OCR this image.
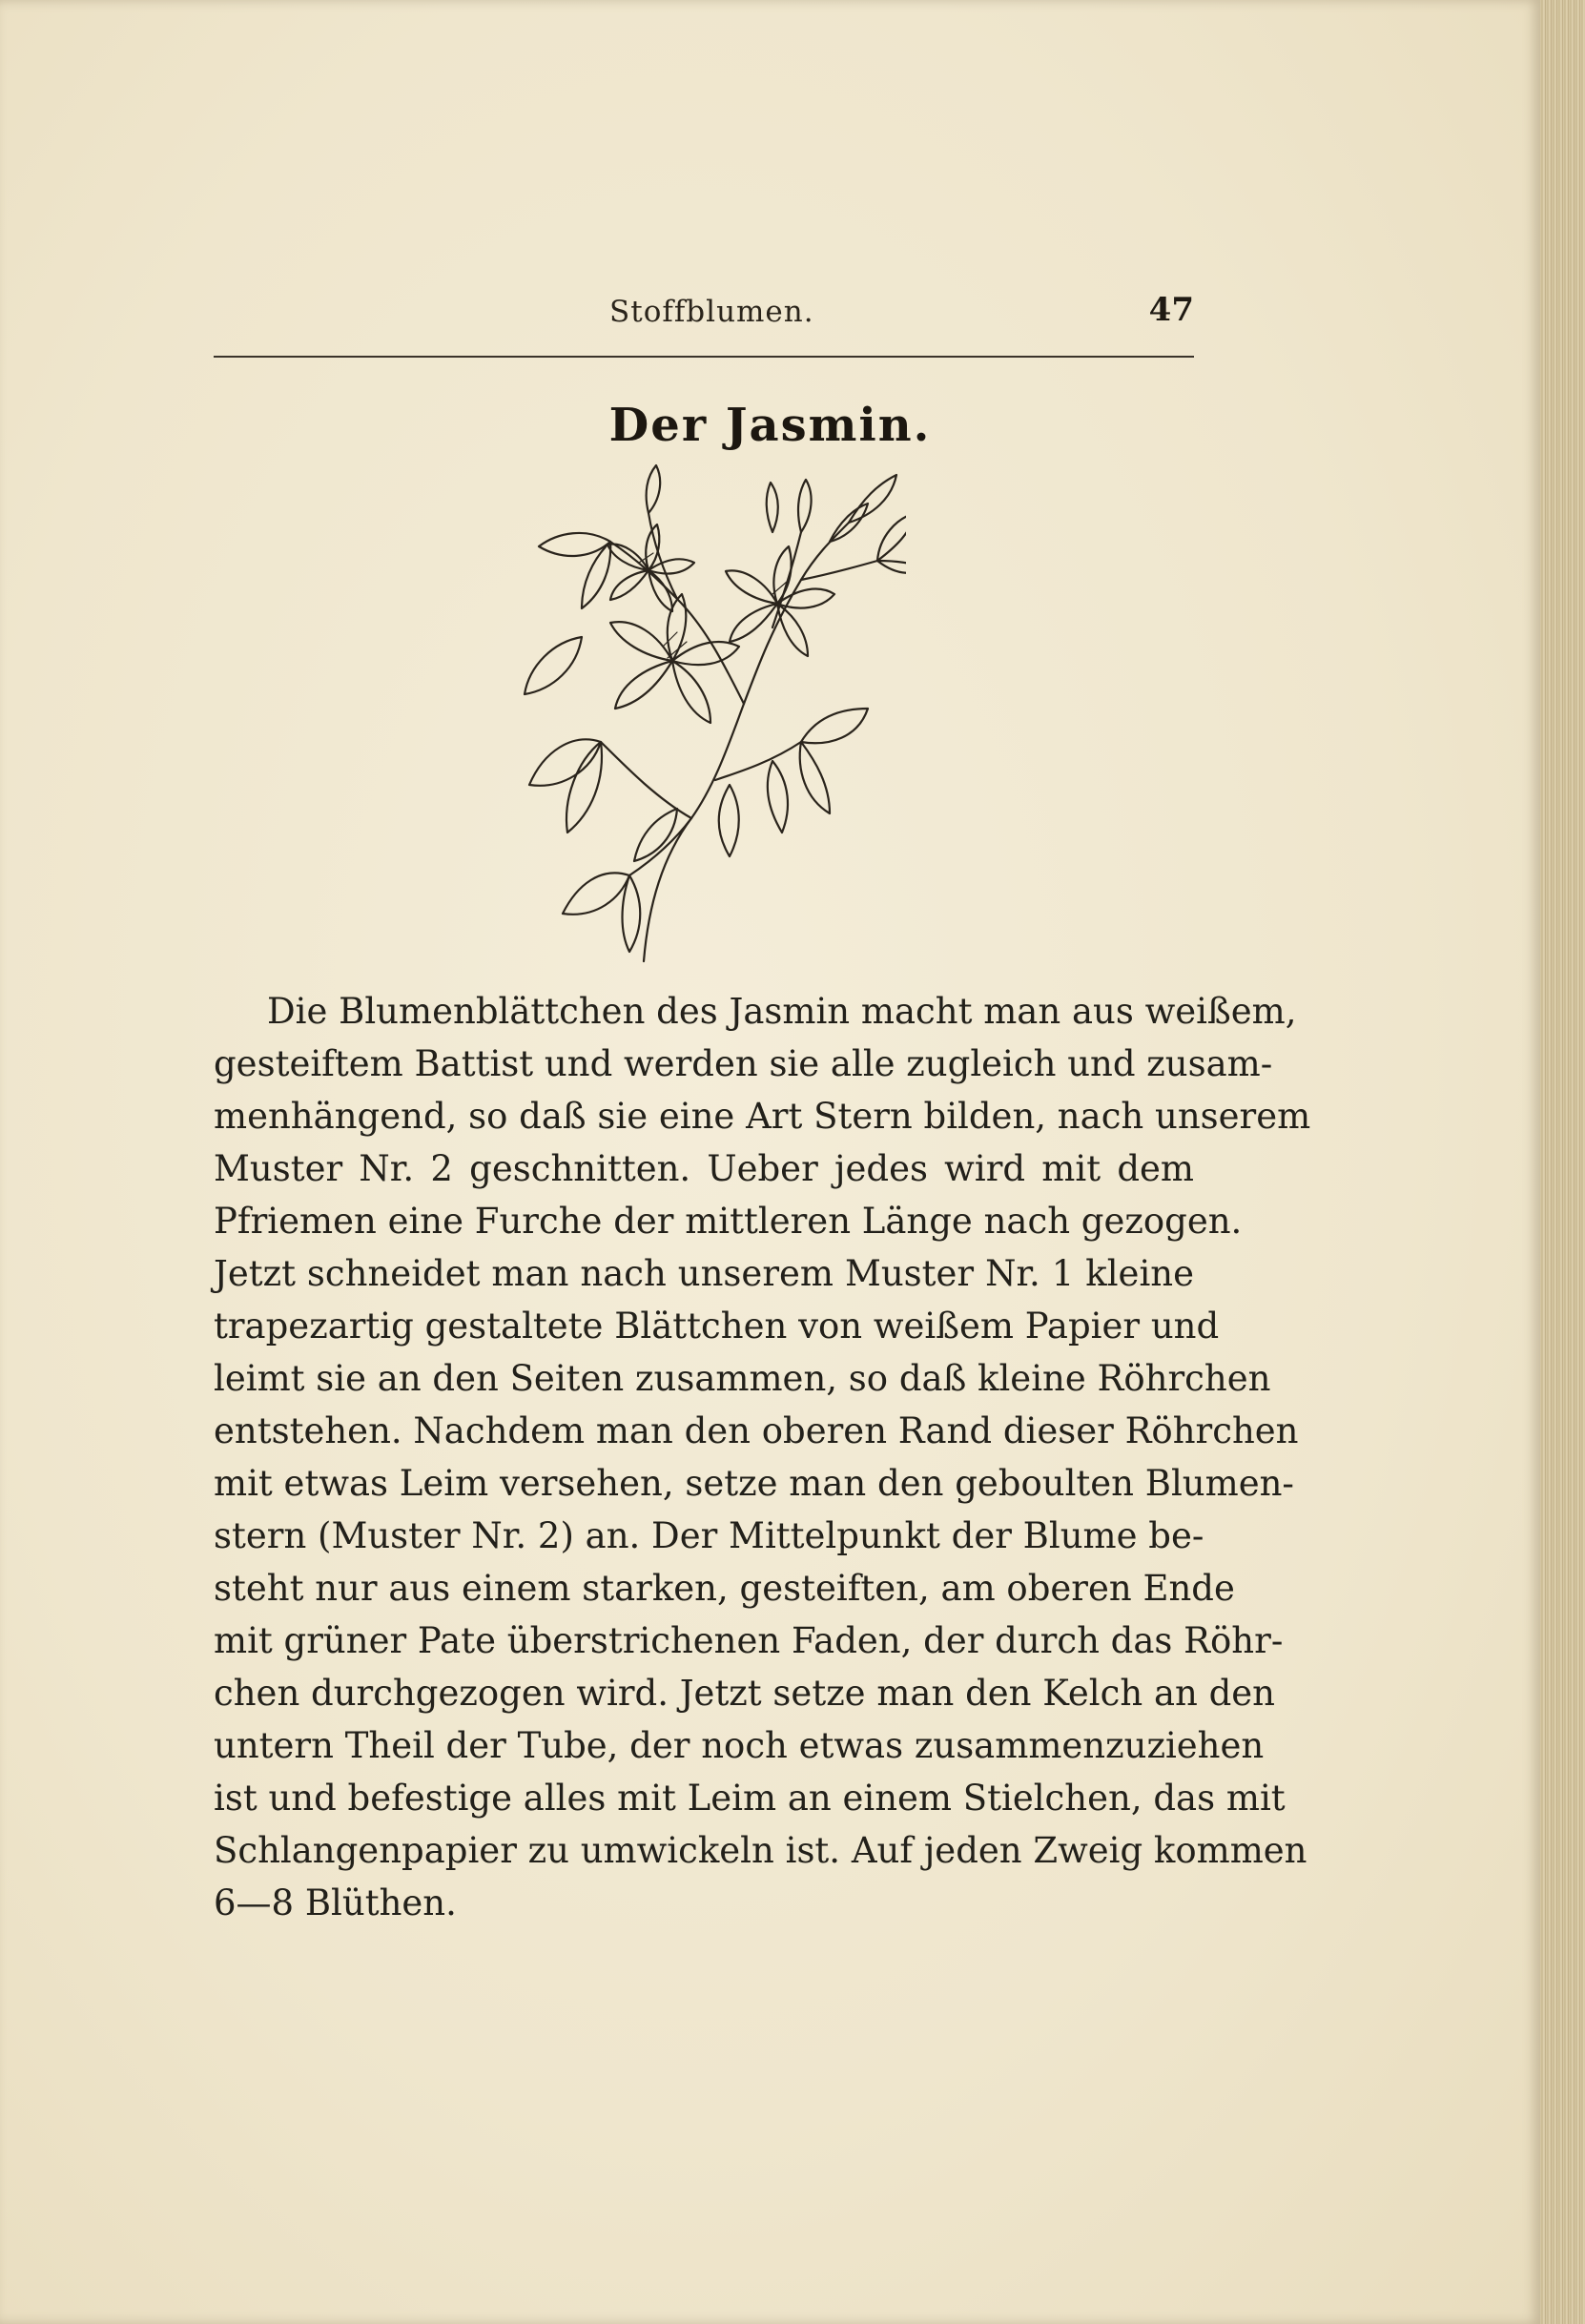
Stoffblumen.	47
Der Jasmin.
Die Blumenblättchen des Jasmin macht man aus weißem,
gesteiftem Battist und werden sie alle zugleich und zusam-
menhängend, so daß sie eine Art Stern bilden, nach unserem
Muster Nr. 2 geschnitten. Ueber jedes wird mit dem
Pfriemen eine Furche der mittleren Länge nach gezogen.
Jetzt schneidet man nach unserem Muster Nr. 1 kleine
trapezartig gestaltete Blättchen von weißem Papier und
leimt sie an den Seiten zusammen, so daß kleine Röhrchen
entstehen. Nachdem man den oberen Rand dieser Röhrchen
mit etwas Leim versehen, setze man den geboulten Blumen-
stern (Muster Nr. 2) an. Der Mittelpunkt der Blume be-
steht nur aus einem starken, gesteiften, am oberen Ende
mit grüner Pate überstrichenen Faden, der durch das Röhr-
chen durchgezogen wird. Jetzt setze man den Kelch an den
untern Theil der Tube, der noch etwas zusammenzuziehen
ist und befestige alles mit Leim an einem Stielchen, das mit
Schlangenpapier zu umwickeln ist. Auf jeden Zweig kommen
6—8 Blüthen.
